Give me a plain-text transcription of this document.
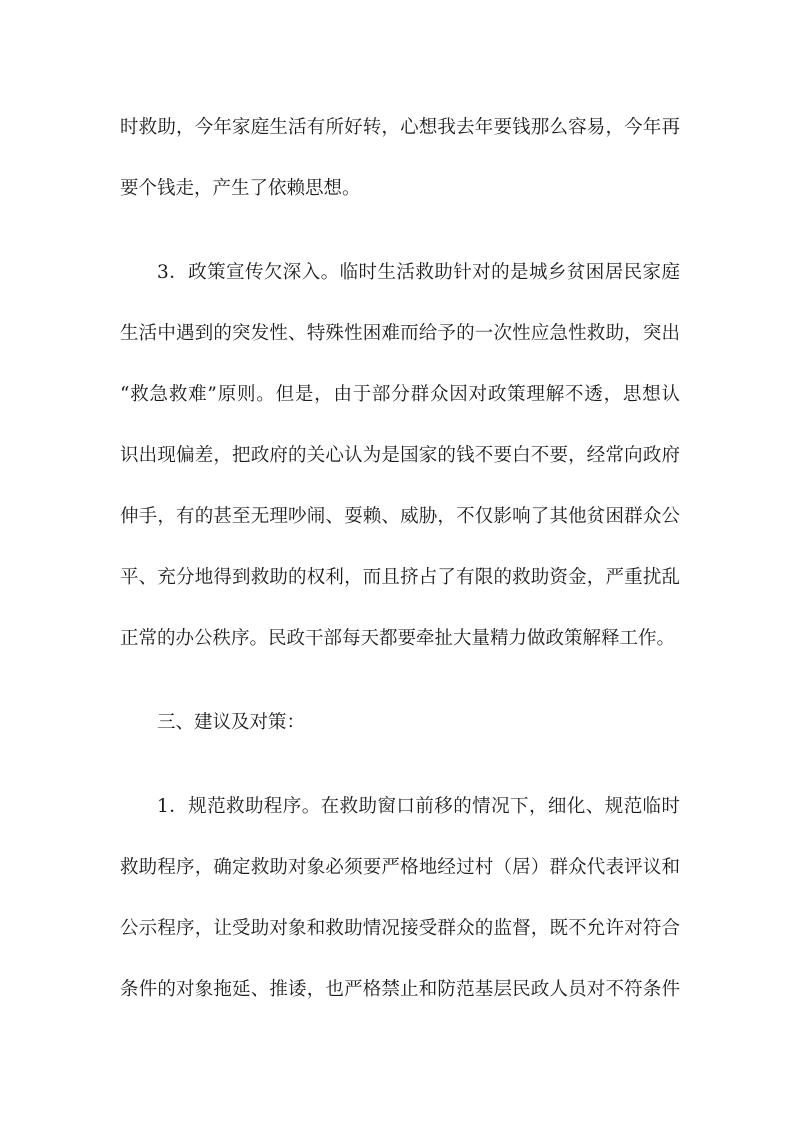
时救助，今年家庭生活有所好转，心想我去年要钱那么容易，今年再
要个钱走，产生了依赖思想。
3．政策宣传欠深入。临时生活救助针对的是城乡贫困居民家庭
生活中遇到的突发性、特殊性困难而给予的一次性应急性救助，突出
“救急救难”原则。但是，由于部分群众因对政策理解不透，思想认
识出现偏差，把政府的关心认为是国家的钱不要白不要，经常向政府
伸手，有的甚至无理吵闹、耍赖、威胁，不仅影响了其他贫困群众公
平、充分地得到救助的权利，而且挤占了有限的救助资金，严重扰乱
正常的办公秩序。民政干部每天都要牵扯大量精力做政策解释工作。
三、建议及对策：
1．规范救助程序。在救助窗口前移的情况下，细化、规范临时
救助程序，确定救助对象必须要严格地经过村（居）群众代表评议和
公示程序，让受助对象和救助情况接受群众的监督，既不允许对符合
条件的对象拖延、推诿，也严格禁止和防范基层民政人员对不符条件
